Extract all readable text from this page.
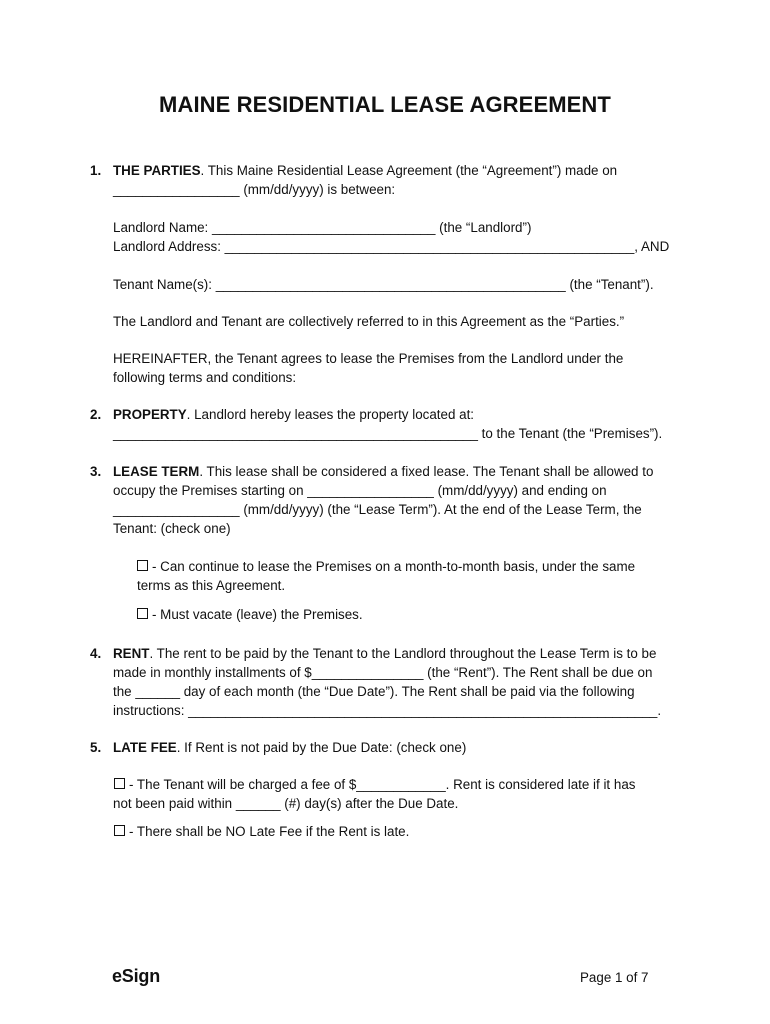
MAINE RESIDENTIAL LEASE AGREEMENT
1. THE PARTIES. This Maine Residential Lease Agreement (the “Agreement”) made on
_________________ (mm/dd/yyyy) is between:
Landlord Name: ______________________________ (the “Landlord”)
Landlord Address: _______________________________________________________, AND
Tenant Name(s): _______________________________________________ (the “Tenant”).
The Landlord and Tenant are collectively referred to in this Agreement as the “Parties.”
HEREINAFTER, the Tenant agrees to lease the Premises from the Landlord under the
following terms and conditions:
2. PROPERTY. Landlord hereby leases the property located at:
_________________________________________________ to the Tenant (the “Premises”).
3. LEASE TERM. This lease shall be considered a fixed lease. The Tenant shall be allowed to
occupy the Premises starting on _________________ (mm/dd/yyyy) and ending on
_________________ (mm/dd/yyyy) (the “Lease Term”). At the end of the Lease Term, the
Tenant: (check one)
- Can continue to lease the Premises on a month-to-month basis, under the same
terms as this Agreement.
- Must vacate (leave) the Premises.
4. RENT. The rent to be paid by the Tenant to the Landlord throughout the Lease Term is to be
made in monthly installments of $_______________ (the “Rent”). The Rent shall be due on
the ______ day of each month (the “Due Date”). The Rent shall be paid via the following
instructions: _______________________________________________________________.
5. LATE FEE. If Rent is not paid by the Due Date: (check one)
- The Tenant will be charged a fee of $____________. Rent is considered late if it has
not been paid within ______ (#) day(s) after the Due Date.
- There shall be NO Late Fee if the Rent is late.
eSign	Page 1 of 7
